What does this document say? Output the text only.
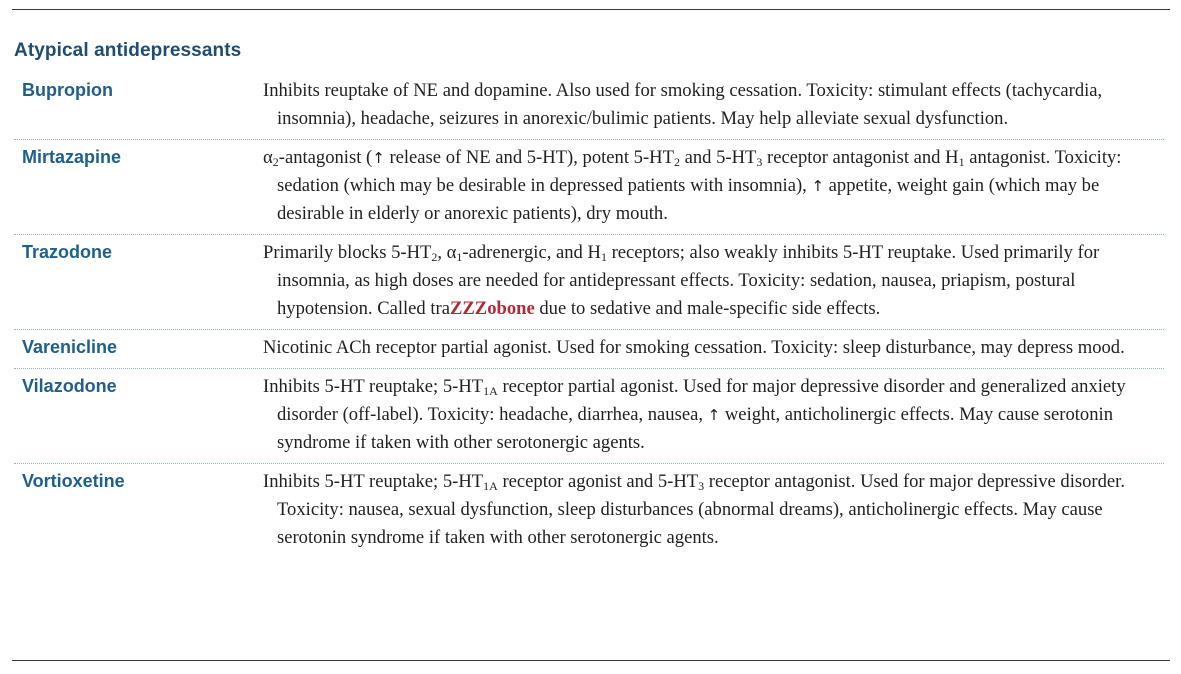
Atypical antidepressants
Bupropion	Inhibits reuptake of NE and dopamine. Also used for smoking cessation. Toxicity: stimulant effects (tachycardia, insomnia), headache, seizures in anorexic/bulimic patients. May help alleviate sexual dysfunction.
Mirtazapine	$\alpha_2$-antagonist (↑ release of NE and 5-HT), potent $5-HT_2$ and $5-HT_3$ receptor antagonist and $H_1$ antagonist. Toxicity: sedation (which may be desirable in depressed patients with insomnia), ↑ appetite, weight gain (which may be desirable in elderly or anorexic patients), dry mouth.
Trazodone	Primarily blocks $5-HT_2$, $\alpha_1$-adrenergic, and $H_1$ receptors; also weakly inhibits 5-HT reuptake. Used primarily for insomnia, as high doses are needed for antidepressant effects. Toxicity: sedation, nausea, priapism, postural hypotension. Called traZZZobone due to sedative and male-specific side effects.
Varenicline	Nicotinic ACh receptor partial agonist. Used for smoking cessation. Toxicity: sleep disturbance, may depress mood.
Vilazodone	Inhibits 5-HT reuptake; $5-HT_{1A}$ receptor partial agonist. Used for major depressive disorder and generalized anxiety disorder (off-label). Toxicity: headache, diarrhea, nausea, ↑ weight, anticholinergic effects. May cause serotonin syndrome if taken with other serotonergic agents.
Vortioxetine	Inhibits 5-HT reuptake; $5-HT_{1A}$ receptor agonist and $5-HT_3$ receptor antagonist. Used for major depressive disorder. Toxicity: nausea, sexual dysfunction, sleep disturbances (abnormal dreams), anticholinergic effects. May cause serotonin syndrome if taken with other serotonergic agents.
